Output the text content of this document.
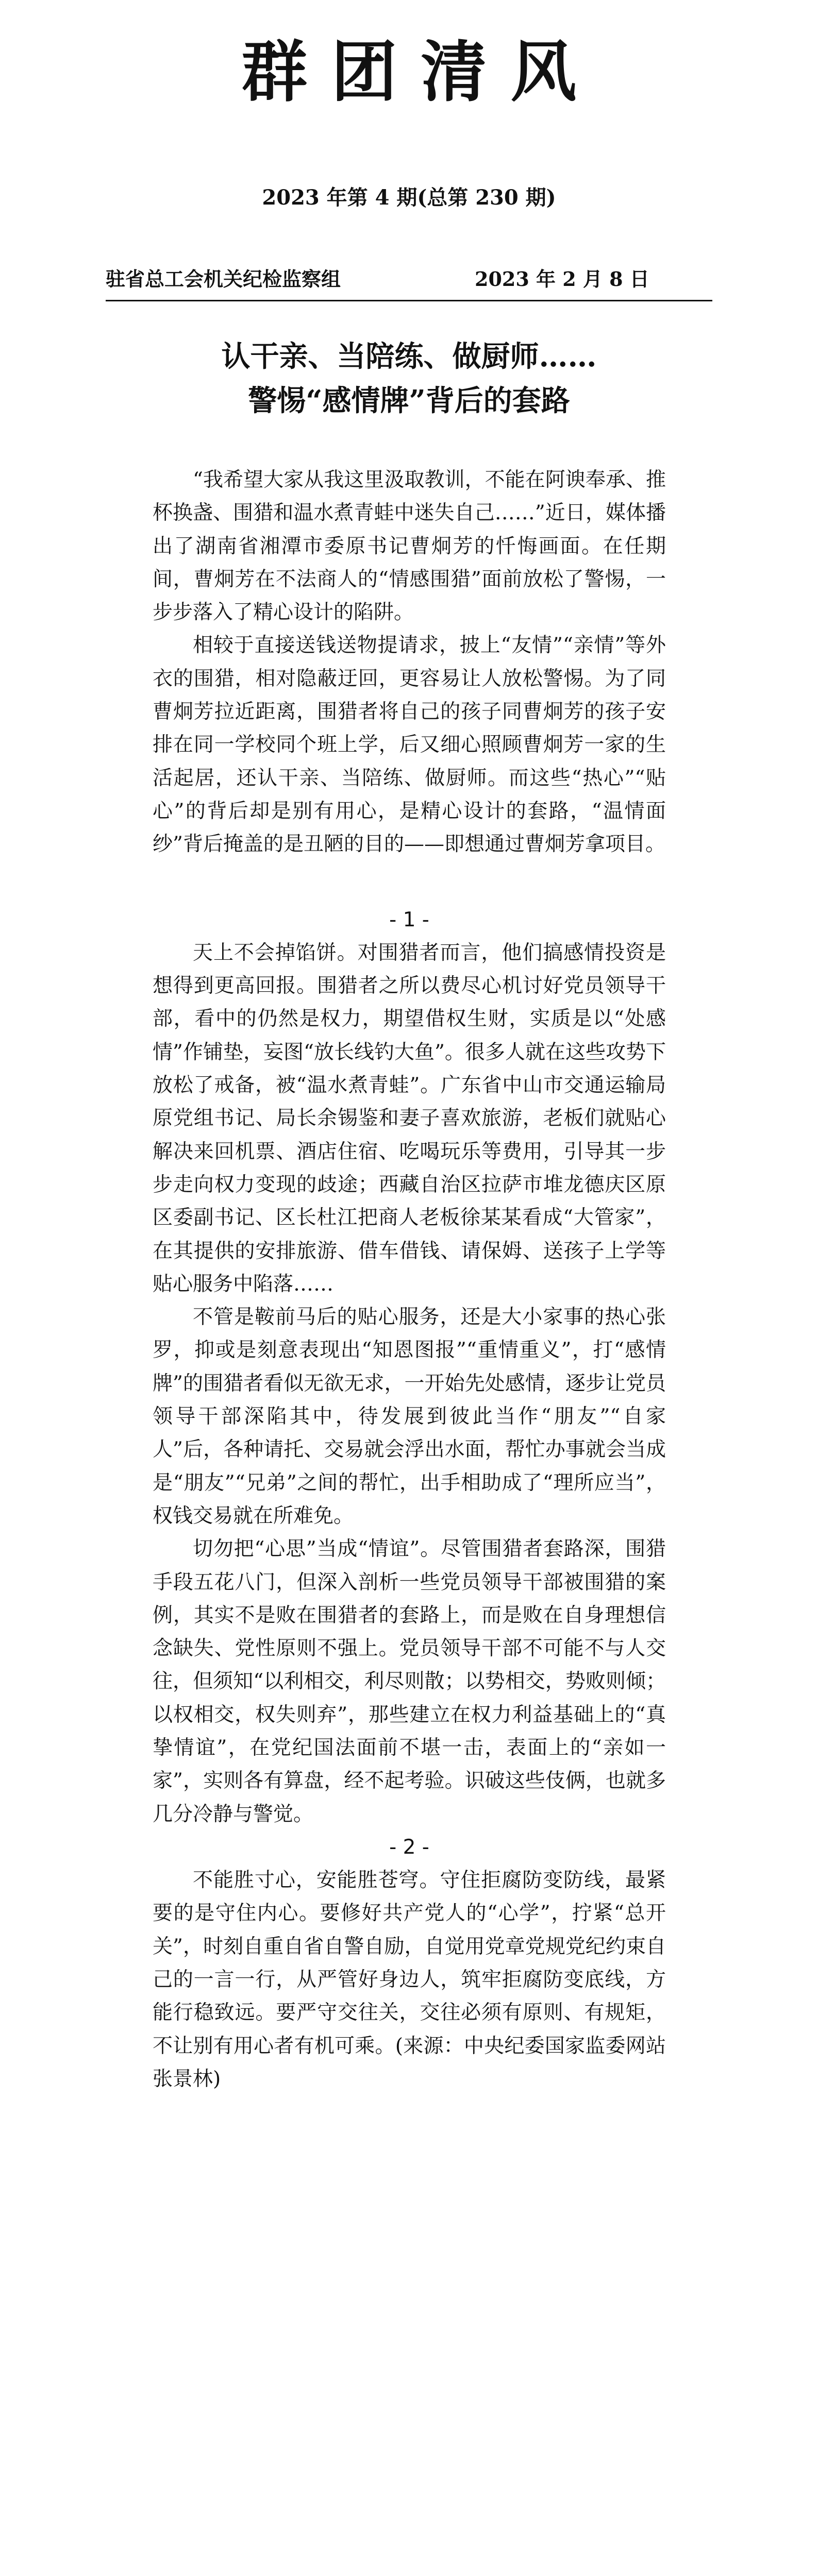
群团清风
2023 年第 4 期(总第 230 期)
驻省总工会机关纪检监察组	2023 年 2 月 8 日
认干亲、当陪练、做厨师……
警惕“感情牌”背后的套路

“我希望大家从我这里汲取教训，不能在阿谀奉承、推杯换盏、围猎和温水煮青蛙中迷失自己……”近日，媒体播出了湖南省湘潭市委原书记曹炯芳的忏悔画面。在任期间，曹炯芳在不法商人的“情感围猎”面前放松了警惕，一步步落入了精心设计的陷阱。

相较于直接送钱送物提请求，披上“友情”“亲情”等外衣的围猎，相对隐蔽迂回，更容易让人放松警惕。为了同曹炯芳拉近距离，围猎者将自己的孩子同曹炯芳的孩子安排在同一学校同个班上学，后又细心照顾曹炯芳一家的生活起居，还认干亲、当陪练、做厨师。而这些“热心”“贴心”的背后却是别有用心，是精心设计的套路，“温情面纱”背后掩盖的是丑陋的目的——即想通过曹炯芳拿项目。

- 1 -

天上不会掉馅饼。对围猎者而言，他们搞感情投资是想得到更高回报。围猎者之所以费尽心机讨好党员领导干部，看中的仍然是权力，期望借权生财，实质是以“处感情”作铺垫，妄图“放长线钓大鱼”。很多人就在这些攻势下放松了戒备，被“温水煮青蛙”。广东省中山市交通运输局原党组书记、局长余锡鉴和妻子喜欢旅游，老板们就贴心解决来回机票、酒店住宿、吃喝玩乐等费用，引导其一步步走向权力变现的歧途；西藏自治区拉萨市堆龙德庆区原区委副书记、区长杜江把商人老板徐某某看成“大管家”，在其提供的安排旅游、借车借钱、请保姆、送孩子上学等贴心服务中陷落……

不管是鞍前马后的贴心服务，还是大小家事的热心张罗，抑或是刻意表现出“知恩图报”“重情重义”，打“感情牌”的围猎者看似无欲无求，一开始先处感情，逐步让党员领导干部深陷其中，待发展到彼此当作“朋友”“自家人”后，各种请托、交易就会浮出水面，帮忙办事就会当成是“朋友”“兄弟”之间的帮忙，出手相助成了“理所应当”，权钱交易就在所难免。

切勿把“心思”当成“情谊”。尽管围猎者套路深，围猎手段五花八门，但深入剖析一些党员领导干部被围猎的案例，其实不是败在围猎者的套路上，而是败在自身理想信念缺失、党性原则不强上。党员领导干部不可能不与人交往，但须知“以利相交，利尽则散；以势相交，势败则倾；以权相交，权失则弃”，那些建立在权力利益基础上的“真挚情谊”，在党纪国法面前不堪一击，表面上的“亲如一家”，实则各有算盘，经不起考验。识破这些伎俩，也就多几分冷静与警觉。

- 2 -

不能胜寸心，安能胜苍穹。守住拒腐防变防线，最紧要的是守住内心。要修好共产党人的“心学”，拧紧“总开关”，时刻自重自省自警自励，自觉用党章党规党纪约束自己的一言一行，从严管好身边人，筑牢拒腐防变底线，方能行稳致远。要严守交往关，交往必须有原则、有规矩，不让别有用心者有机可乘。(来源：中央纪委国家监委网站　张景林)
